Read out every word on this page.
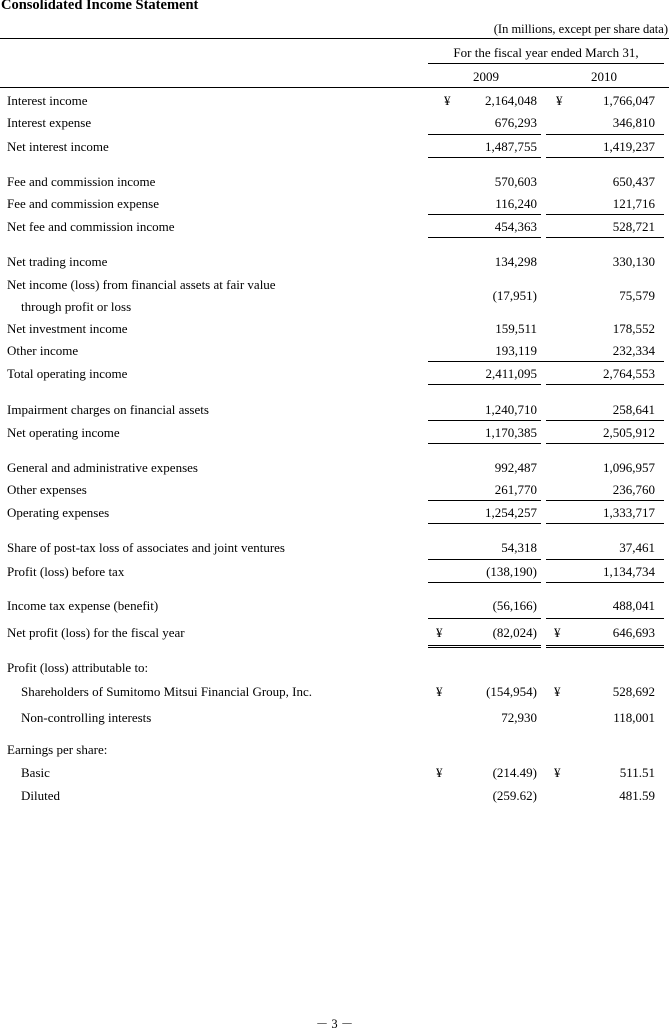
Consolidated Income Statement
(In millions, except per share data)
For the fiscal year ended March 31,
2009	2010
Interest income	¥	2,164,048 ¥	1,766,047
Interest expense	676,293	346,810
Net interest income	1,487,755	1,419,237
Fee and commission income	570,603	650,437
Fee and commission expense	116,240	121,716
Net fee and commission income	454,363	528,721
Net trading income	134,298	330,130
Net income (loss) from financial assets at fair value
through profit or loss
(17,951)	75,579
Net investment income	159,511	178,552
Other income	193,119	232,334
Total operating income	2,411,095	2,764,553
Impairment charges on financial assets	1,240,710	258,641
Net operating income	1,170,385	2,505,912
General and administrative expenses	992,487	1,096,957
Other expenses	261,770	236,760
Operating expenses	1,254,257	1,333,717
Share of post-tax loss of associates and joint ventures	54,318	37,461
Profit (loss) before tax	(138,190)	1,134,734
Income tax expense (benefit)	(56,166)	488,041
Net profit (loss) for the fiscal year	¥	(82,024) ¥	646,693
Profit (loss) attributable to:
Shareholders of Sumitomo Mitsui Financial Group, Inc.	¥	(154,954) ¥	528,692
Non-controlling interests	72,930	118,001
Earnings per share:
Basic	¥	(214.49) ¥	511.51
Diluted	(259.62)	481.59
－ 3 －
